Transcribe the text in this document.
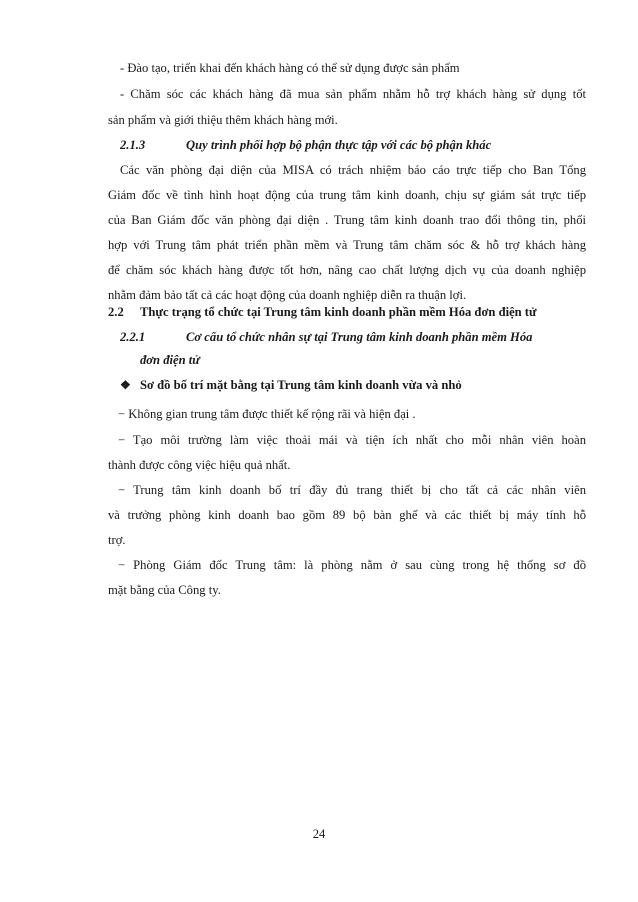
- Đào tạo, triển khai đến khách hàng có thể sử dụng được sản phẩm
- Chăm sóc các khách hàng đã mua sản phẩm nhằm hỗ trợ khách hàng sử dụng tốt
sản phẩm và giới thiệu thêm khách hàng mới.
2.1.3	Quy trình phối hợp bộ phận thực tập với các bộ phận khác
Các văn phòng đại diện của MISA có trách nhiệm báo cáo trực tiếp cho Ban Tổng
Giám đốc về tình hình hoạt động của trung tâm kinh doanh, chịu sự giám sát trực tiếp
của Ban Giám đốc văn phòng đại diện . Trung tâm kinh doanh trao đổi thông tin, phối
hợp với Trung tâm phát triển phần mềm và Trung tâm chăm sóc & hỗ trợ khách hàng
để chăm sóc khách hàng được tốt hơn, nâng cao chất lượng dịch vụ của doanh nghiệp
nhằm đảm bảo tất cả các hoạt động của doanh nghiệp diễn ra thuận lợi.
2.2 Thực trạng tổ chức tại Trung tâm kinh doanh phần mềm Hóa đơn điện tử
2.2.1	Cơ cấu tổ chức nhân sự tại Trung tâm kinh doanh phần mềm Hóa
đơn điện tử
❖ Sơ đồ bố trí mặt bằng tại Trung tâm kinh doanh vừa và nhỏ
− Không gian trung tâm được thiết kế rộng rãi và hiện đại .
− Tạo môi trường làm việc thoải mái và tiện ích nhất cho mỗi nhân viên hoàn
thành được công việc hiệu quả nhất.
− Trung tâm kinh doanh bố trí đầy đủ trang thiết bị cho tất cả các nhân viên
và trưởng phòng kinh doanh bao gồm 89 bộ bàn ghế và các thiết bị máy tính hỗ
trợ.
− Phòng Giám đốc Trung tâm: là phòng nằm ở sau cùng trong hệ thống sơ đồ
mặt bằng của Công ty.
24
